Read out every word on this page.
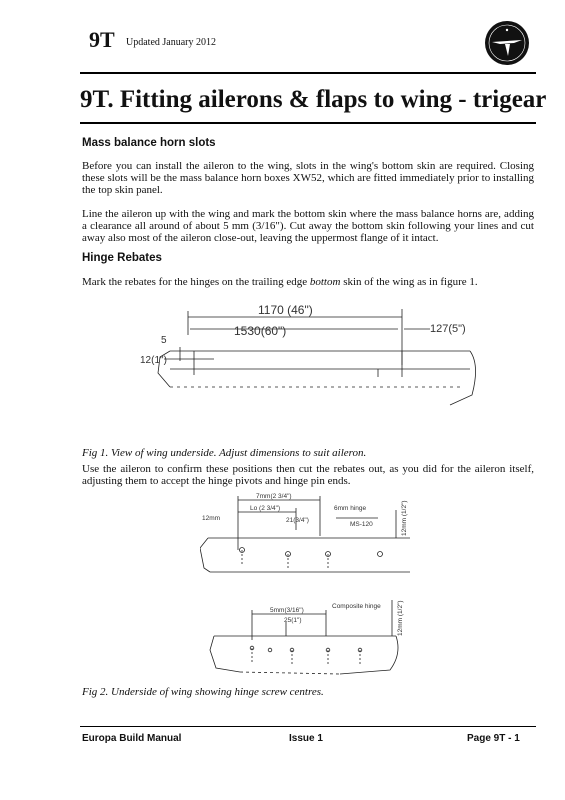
9T Updated January 2012
9T. Fitting ailerons & flaps to wing - trigear
Mass balance horn slots
Before you can install the aileron to the wing, slots in the wing's bottom skin are required. Closing these slots will be the mass balance horn boxes XW52, which are fitted immediately prior to installing the top skin panel.
Line the aileron up with the wing and mark the bottom skin where the mass balance horns are, adding a clearance all around of about 5 mm (3/16"). Cut away the bottom skin following your lines and cut away also most of the aileron close-out, leaving the uppermost flange of it intact.
Hinge Rebates
Mark the rebates for the hinges on the trailing edge bottom skin of the wing as in figure 1.
1170 (46")
1530(60")	127(5")
5
12(1")
Fig 1. View of wing underside. Adjust dimensions to suit aileron.
Use the aileron to confirm these positions then cut the rebates out, as you did for the aileron itself, adjusting them to accept the hinge pivots and hinge pin ends.
7mm(2 3/4")
Lo (2 3/4")
21(3/4")
6mm hinge
MS-120
12mm	12mm (1/2")
5mm(3/16")
Composite hinge
25(1")	12mm (1/2")
Fig 2. Underside of wing showing hinge screw centres.
Europa Build Manual	Issue 1	Page 9T - 1
